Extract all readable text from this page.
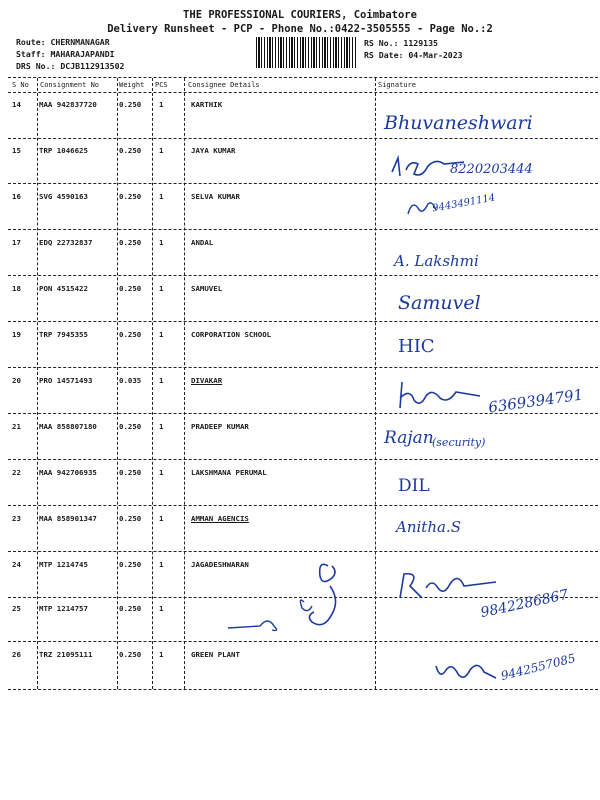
THE PROFESSIONAL COURIERS, Coimbatore
Delivery Runsheet - PCP - Phone No.:0422-3505555 - Page No.:2
Route: CHERNMANAGAR
Staff: MAHARAJAPANDI
DRS No.: DCJB112913502
RS No.: 1129135
RS Date: 04-Mar-2023
S No Consignment No	Weight PCS	Consignee Details	Signature
14 MAA 942837720	0.250 1	KARTHIK
Bhuvaneshwari
15 TRP 1046625	0.250 1	JAYA KUMAR
8220203444
16 SVG 4590163	0.250 1	SELVA KUMAR	9443491114
17 EDQ 22732837	0.250 1	ANDAL
A. Lakshmi
18 PON 4515422	0.250 1	SAMUVEL
Samuvel
19 TRP 7945355	0.250 1	CORPORATION SCHOOL
HIC
20 PRO 14571493	0.035 1	DIVAKAR
6369394791
21 MAA 858807180	0.250 1	PRADEEP KUMAR
Rajan
(security)
22 MAA 942706935	0.250 1	LAKSHMANA PERUMAL
DIL
23 MAA 858901347	0.250 1	AMMAN AGENCIS	Anitha.S
24 MTP 1214745	0.250 1	JAGADESHWARAN
9842286867
25 MTP 1214757	0.250 1
26 TRZ 21095111	0.250 1	GREEN PLANT	9442557085
